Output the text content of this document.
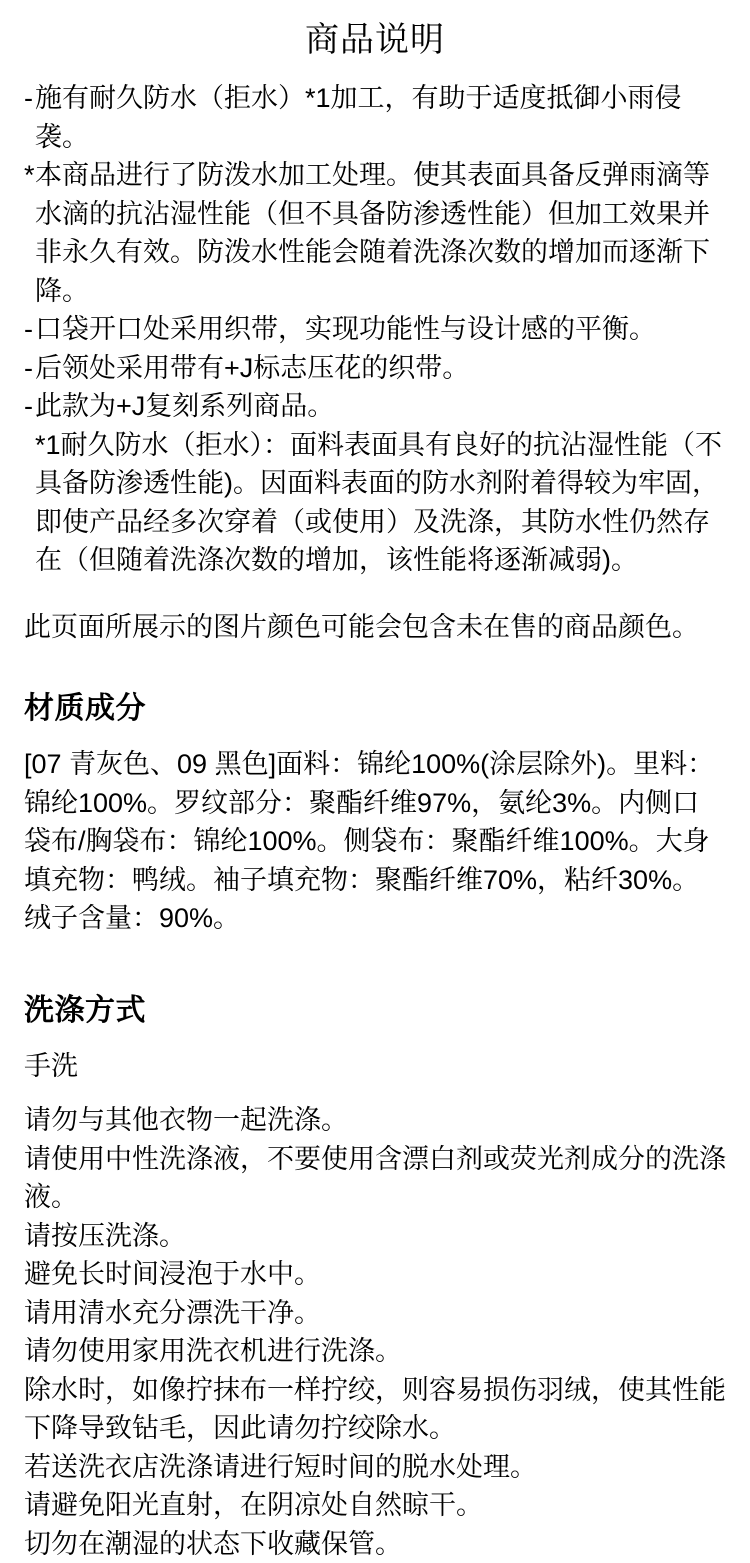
商品说明

- 施有耐久防水（拒水）*1加工，有助于适度抵御小雨侵袭。

* 本商品进行了防泼水加工处理。使其表面具备反弹雨滴等水滴的抗沾湿性能（但不具备防渗透性能）但加工效果并非永久有效。防泼水性能会随着洗涤次数的增加而逐渐下降。

- 口袋开口处采用织带，实现功能性与设计感的平衡。

- 后领处采用带有+J标志压花的织带。

- 此款为+J复刻系列商品。

*1耐久防水（拒水）：面料表面具有良好的抗沾湿性能（不具备防渗透性能)。因面料表面的防水剂附着得较为牢固，即使产品经多次穿着（或使用）及洗涤，其防水性仍然存在（但随着洗涤次数的增加，该性能将逐渐减弱)。

此页面所展示的图片颜色可能会包含未在售的商品颜色。

材质成分

[07 青灰色、09 黑色]面料：锦纶100%(涂层除外)。里料：锦纶100%。罗纹部分：聚酯纤维97%，氨纶3%。内侧口袋布/胸袋布：锦纶100%。侧袋布：聚酯纤维100%。大身填充物：鸭绒。袖子填充物：聚酯纤维70%，粘纤30%。绒子含量：90%。

洗涤方式

手洗

请勿与其他衣物一起洗涤。

请使用中性洗涤液，不要使用含漂白剂或荧光剂成分的洗涤液。

请按压洗涤。

避免长时间浸泡于水中。

请用清水充分漂洗干净。

请勿使用家用洗衣机进行洗涤。

除水时，如像拧抹布一样拧绞，则容易损伤羽绒，使其性能下降导致钻毛，因此请勿拧绞除水。

若送洗衣店洗涤请进行短时间的脱水处理。

请避免阳光直射，在阴凉处自然晾干。

切勿在潮湿的状态下收藏保管。
